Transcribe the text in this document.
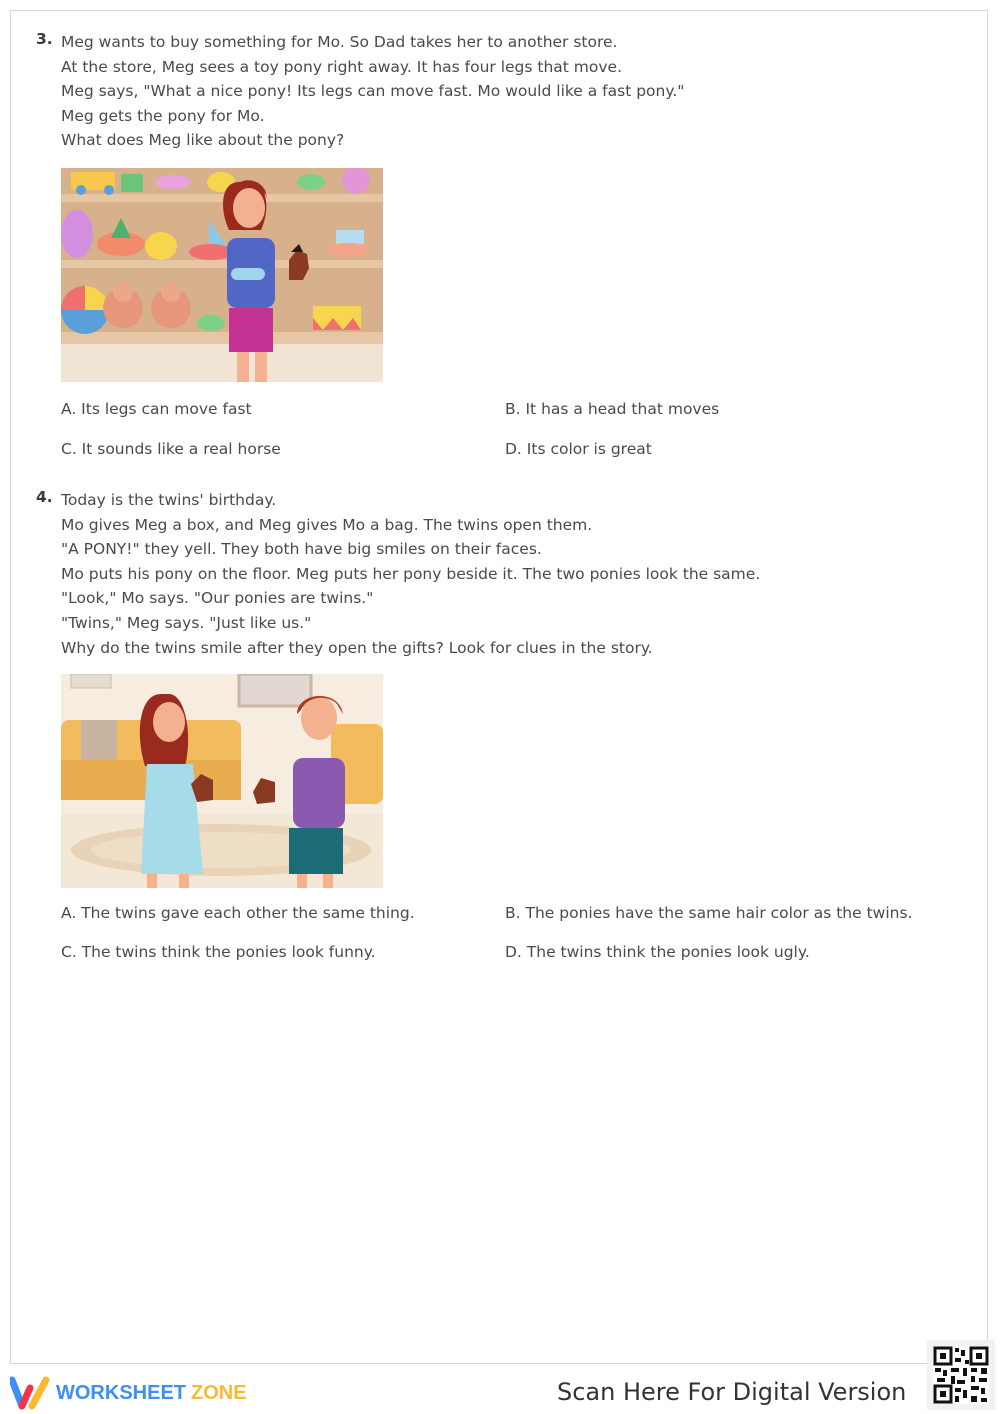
3. Meg wants to buy something for Mo. So Dad takes her to another store.
At the store, Meg sees a toy pony right away. It has four legs that move.
Meg says, "What a nice pony! Its legs can move fast. Mo would like a fast pony."
Meg gets the pony for Mo.
What does Meg like about the pony?
A. Its legs can move fast	B. It has a head that moves
C. It sounds like a real horse	D. Its color is great
4. Today is the twins' birthday.
Mo gives Meg a box, and Meg gives Mo a bag. The twins open them.
"A PONY!" they yell. They both have big smiles on their faces.
Mo puts his pony on the floor. Meg puts her pony beside it. The two ponies look the same.
"Look," Mo says. "Our ponies are twins."
"Twins," Meg says. "Just like us."
Why do the twins smile after they open the gifts? Look for clues in the story.
A. The twins gave each other the same thing.	B. The ponies have the same hair color as the twins.
C. The twins think the ponies look funny.	D. The twins think the ponies look ugly.
WORKSHEET ZONE	Scan Here For Digital Version
